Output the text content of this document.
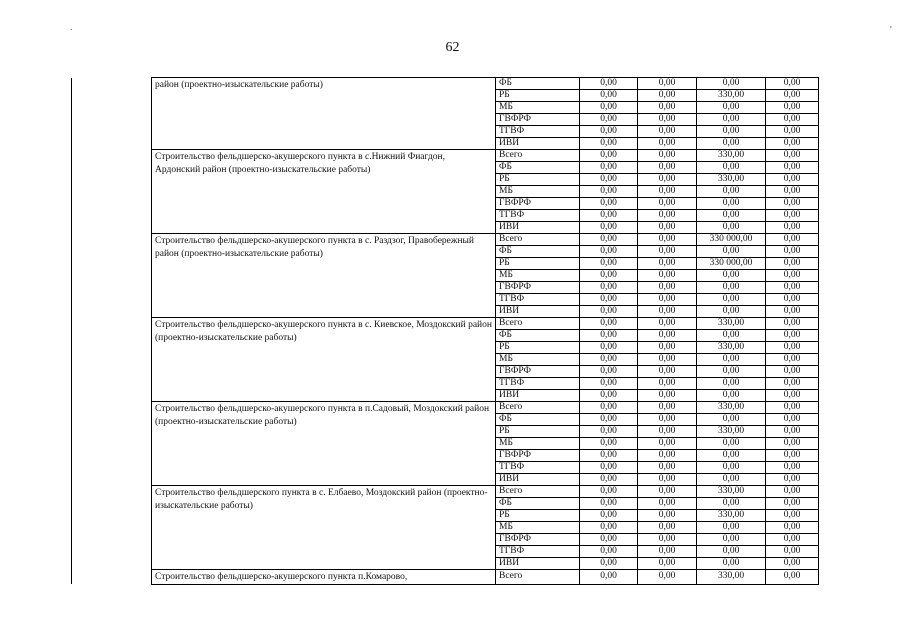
62
	район (проектно-изыскательские работы)	ФБ	0,00	0,00	0,00	0,00
		РБ	0,00	0,00	330,00	0,00
		МБ	0,00	0,00	0,00	0,00
		ГВФРФ	0,00	0,00	0,00	0,00
		ТГВФ	0,00	0,00	0,00	0,00
		ИВИ	0,00	0,00	0,00	0,00
	Строительство фельдшерско-акушерского пункта в с.Нижний Фиагдон, Ардонский район (проектно-изыскательские работы)	Всего	0,00	0,00	330,00	0,00
		ФБ	0,00	0,00	0,00	0,00
		РБ	0,00	0,00	330,00	0,00
		МБ	0,00	0,00	0,00	0,00
		ГВФРФ	0,00	0,00	0,00	0,00
		ТГВФ	0,00	0,00	0,00	0,00
		ИВИ	0,00	0,00	0,00	0,00
	Строительство фельдшерско-акушерского пункта в с. Раздзог, Правобережный район (проектно-изыскательские работы)	Всего	0,00	0,00	330 000,00	0,00
		ФБ	0,00	0,00	0,00	0,00
		РБ	0,00	0,00	330 000,00	0,00
		МБ	0,00	0,00	0,00	0,00
		ГВФРФ	0,00	0,00	0,00	0,00
		ТГВФ	0,00	0,00	0,00	0,00
		ИВИ	0,00	0,00	0,00	0,00
	Строительство фельдшерско-акушерского пункта в с. Киевское, Моздокский район (проектно-изыскательские работы)	Всего	0,00	0,00	330,00	0,00
		ФБ	0,00	0,00	0,00	0,00
		РБ	0,00	0,00	330,00	0,00
		МБ	0,00	0,00	0,00	0,00
		ГВФРФ	0,00	0,00	0,00	0,00
		ТГВФ	0,00	0,00	0,00	0,00
		ИВИ	0,00	0,00	0,00	0,00
	Строительство фельдшерско-акушерского пункта в п.Садовый, Моздокский район (проектно-изыскательские работы)	Всего	0,00	0,00	330,00	0,00
		ФБ	0,00	0,00	0,00	0,00
		РБ	0,00	0,00	330,00	0,00
		МБ	0,00	0,00	0,00	0,00
		ГВФРФ	0,00	0,00	0,00	0,00
		ТГВФ	0,00	0,00	0,00	0,00
		ИВИ	0,00	0,00	0,00	0,00
	Строительство фельдшерского пункта в с. Елбаево, Моздокский район (проектно-изыскательские работы)	Всего	0,00	0,00	330,00	0,00
		ФБ	0,00	0,00	0,00	0,00
		РБ	0,00	0,00	330,00	0,00
		МБ	0,00	0,00	0,00	0,00
		ГВФРФ	0,00	0,00	0,00	0,00
		ТГВФ	0,00	0,00	0,00	0,00
		ИВИ	0,00	0,00	0,00	0,00
	Строительство фельдшерско-акушерского пункта п.Комарово,	Всего	0,00	0,00	330,00	0,00
.	'
